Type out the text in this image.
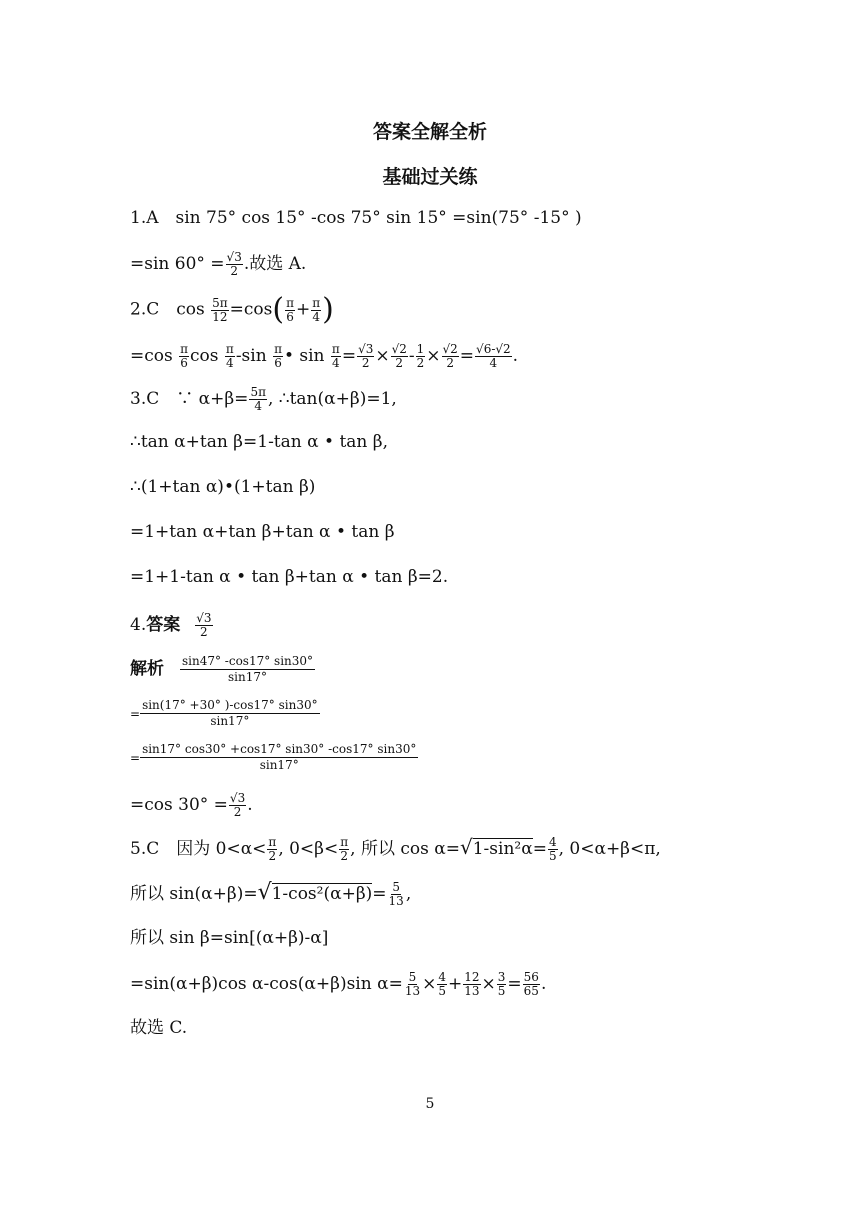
答案全解全析
基础过关练
1.A　sin 75° cos 15° -cos 75° sin 15° =sin(75° -15° )
=sin $60^\circ = \frac{√3}{2}$ .故选 A.
2.C　$\cos \frac{5\pi}{12} =\cos( \frac{\pi}{6} + \frac{\pi}{4}$ )
$=\cos \frac{\pi}{6}$ $\cos \frac{\pi}{4} -\sin \frac{\pi}{6}$ • $\sin \frac{\pi}{4} = \frac{√3}{2} \times \frac{√2}{2} - \frac{1}{2} \times \frac{√2}{2} = \frac{√6-√2}{4}$ .
3.C　∵ $\alpha+\beta= \frac{5\pi}{4}$ , ∴tan(α+β)=1,
∴tan α+tan β=1-tan α • tan β,
∴(1+tan α)•(1+tan β)
=1+tan α+tan β+tan α • tan β
=1+1-tan α • tan β+tan α • tan β=2.
4.答案 $\frac{√3}{2}$
解析 $\frac{\sin 47^\circ -\cos 17^\circ \sin 30^\circ}{\sin 17^\circ}$
= $\frac{\sin(17^\circ +30^\circ )-\cos 17^\circ \sin 30^\circ}{\sin 17^\circ}$
= $\frac{\sin 17^\circ \cos 30^\circ +\cos 17^\circ \sin 30^\circ -\cos 17^\circ \sin 30^\circ}{\sin 17^\circ}$
=cos $30^\circ = \frac{√3}{2}$ .
5.C　因为 $0<\alpha< \frac{\pi}{2}$ , $0<\beta< \frac{\pi}{2}$ , 所以 $\cos \alpha=√1-\sin^2\alpha= \frac{4}{5}$ , 0<α+β<π,
所以 $\sin(\alpha+\beta)=√1-\cos^2(\alpha+\beta)= \frac{5}{13}$ ,
所以 sin β=sin[(α+β)-α]
=sin(α+β)cos α-cos(α+β)sin $\alpha= \frac{5}{13} \times \frac{4}{5} + \frac{12}{13} \times \frac{3}{5} = \frac{56}{65}$ .
故选 C.
5
